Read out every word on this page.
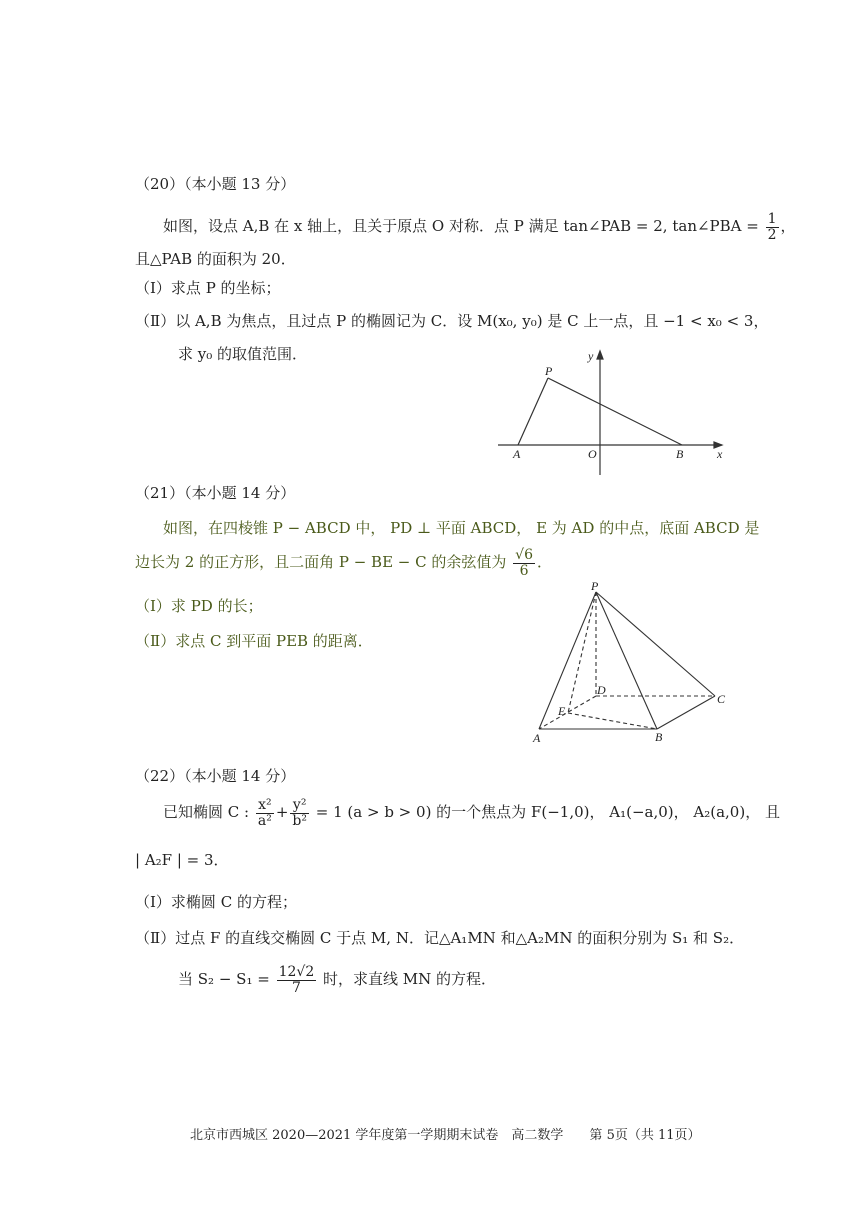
（20）（本小题 13 分）
如图，设点 A,B 在 x 轴上，且关于原点 O 对称．点 P 满足 tan∠PAB = 2, tan∠PBA = $\frac{1}{2}$ ，
且△PAB 的面积为 20．
（Ⅰ）求点 P 的坐标；
（Ⅱ）以 A,B 为焦点，且过点 P 的椭圆记为 C．设 M(x₀, y₀) 是 C 上一点，且 −1 < x₀ < 3，
求 y₀ 的取值范围．
P
A	O	B	x
y
（21）（本小题 14 分）
如图，在四棱锥 P − ABCD 中， PD ⊥ 平面 ABCD， E 为 AD 的中点，底面 ABCD 是
边长为 2 的正方形，且二面角 P − BE − C 的余弦值为 $\frac{√6}{6}$ ．
（Ⅰ）求 PD 的长；
（Ⅱ）求点 C 到平面 PEB 的距离．
P
D
C
E
A	B
（22）（本小题 14 分）
已知椭圆 C : $\frac{\text{x²}}{\text{a²}} + \frac{\text{y²}}{\text{b²}} = 1$ (a > b > 0) 的一个焦点为 F(−1,0)， A₁(−a,0)， A₂(a,0)， 且
| A₂F | = 3．
（Ⅰ）求椭圆 C 的方程；
（Ⅱ）过点 F 的直线交椭圆 C 于点 M, N．记△A₁MN 和△A₂MN 的面积分别为 S₁ 和 S₂．
当 $S_2 - S_1 = \frac{12√2}{7}$ 时，求直线 MN 的方程．
北京市西城区 2020—2021 学年度第一学期期末试卷　高二数学　　第 5页（共 11页）
